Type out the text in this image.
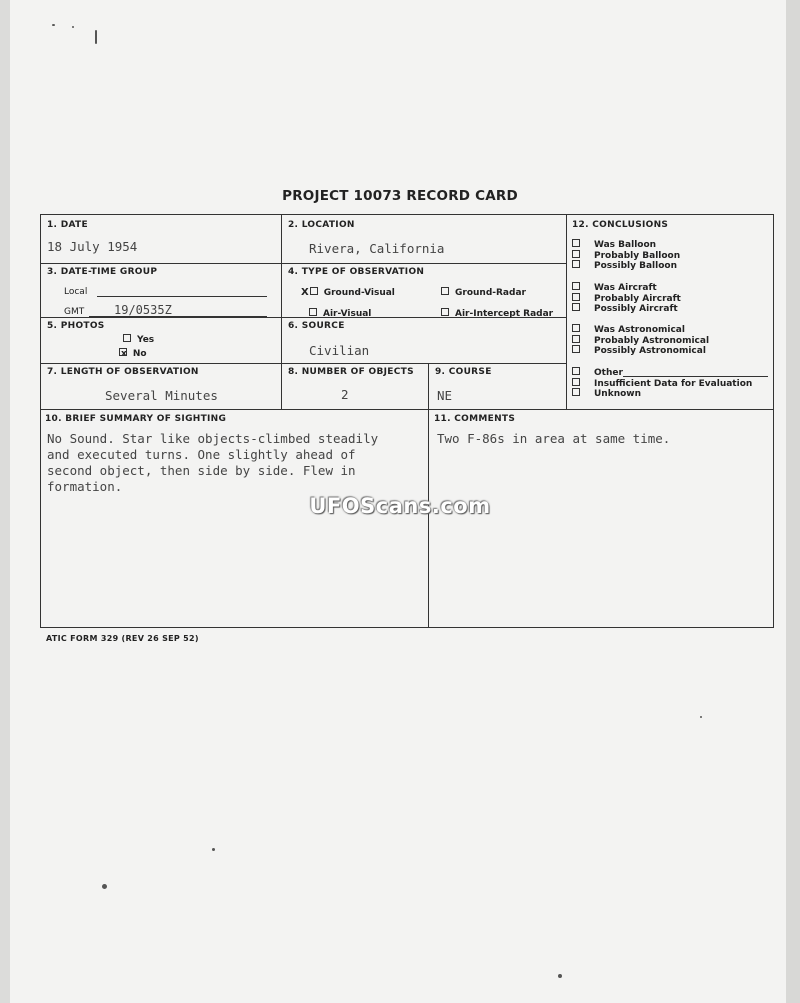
PROJECT 10073 RECORD CARD
1. DATE
18 July 1954
2. LOCATION
Rivera, California
3. DATE-TIME GROUP
Local
GMT 19/0535Z
4. TYPE OF OBSERVATION
X Ground-Visual	Ground-Radar
Air-Visual	Air-Intercept Radar
5. PHOTOS
Yes
x No
6. SOURCE
Civilian
7. LENGTH OF OBSERVATION
Several Minutes
8. NUMBER OF OBJECTS
2
9. COURSE
NE
12. CONCLUSIONS
Was Balloon
Probably Balloon
Possibly Balloon
Was Aircraft
Probably Aircraft
Possibly Aircraft
Was Astronomical
Probably Astronomical
Possibly Astronomical
Other
Insufficient Data for Evaluation
Unknown
10. BRIEF SUMMARY OF SIGHTING
No Sound. Star like objects-climbed steadily
and executed turns. One slightly ahead of
second object, then side by side. Flew in
formation.
11. COMMENTS
Two F-86s in area at same time.
UFOScans.com
ATIC FORM 329 (REV 26 SEP 52)
